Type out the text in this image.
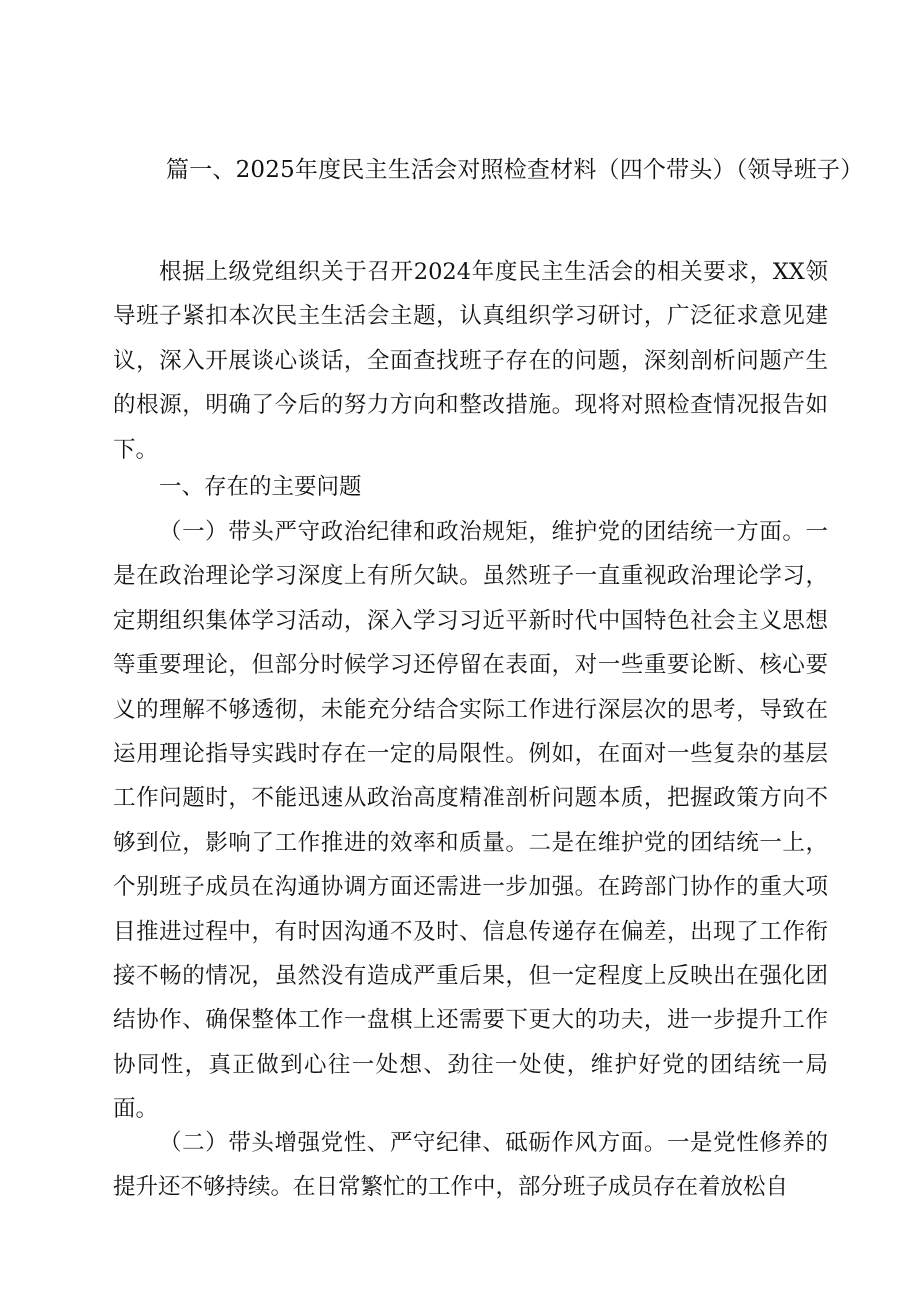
篇一、2025年度民主生活会对照检查材料（四个带头）（领导班子）

根据上级党组织关于召开2024年度民主生活会的相关要求，XX领导班子紧扣本次民主生活会主题，认真组织学习研讨，广泛征求意见建议，深入开展谈心谈话，全面查找班子存在的问题，深刻剖析问题产生的根源，明确了今后的努力方向和整改措施。现将对照检查情况报告如下。

一、存在的主要问题

（一）带头严守政治纪律和政治规矩，维护党的团结统一方面。一是在政治理论学习深度上有所欠缺。虽然班子一直重视政治理论学习，定期组织集体学习活动，深入学习习近平新时代中国特色社会主义思想等重要理论，但部分时候学习还停留在表面，对一些重要论断、核心要义的理解不够透彻，未能充分结合实际工作进行深层次的思考，导致在运用理论指导实践时存在一定的局限性。例如，在面对一些复杂的基层工作问题时，不能迅速从政治高度精准剖析问题本质，把握政策方向不够到位，影响了工作推进的效率和质量。二是在维护党的团结统一上，个别班子成员在沟通协调方面还需进一步加强。在跨部门协作的重大项目推进过程中，有时因沟通不及时、信息传递存在偏差，出现了工作衔接不畅的情况，虽然没有造成严重后果，但一定程度上反映出在强化团结协作、确保整体工作一盘棋上还需要下更大的功夫，进一步提升工作协同性，真正做到心往一处想、劲往一处使，维护好党的团结统一局面。

（二）带头增强党性、严守纪律、砥砺作风方面。一是党性修养的提升还不够持续。在日常繁忙的工作中，部分班子成员存在着放松自
